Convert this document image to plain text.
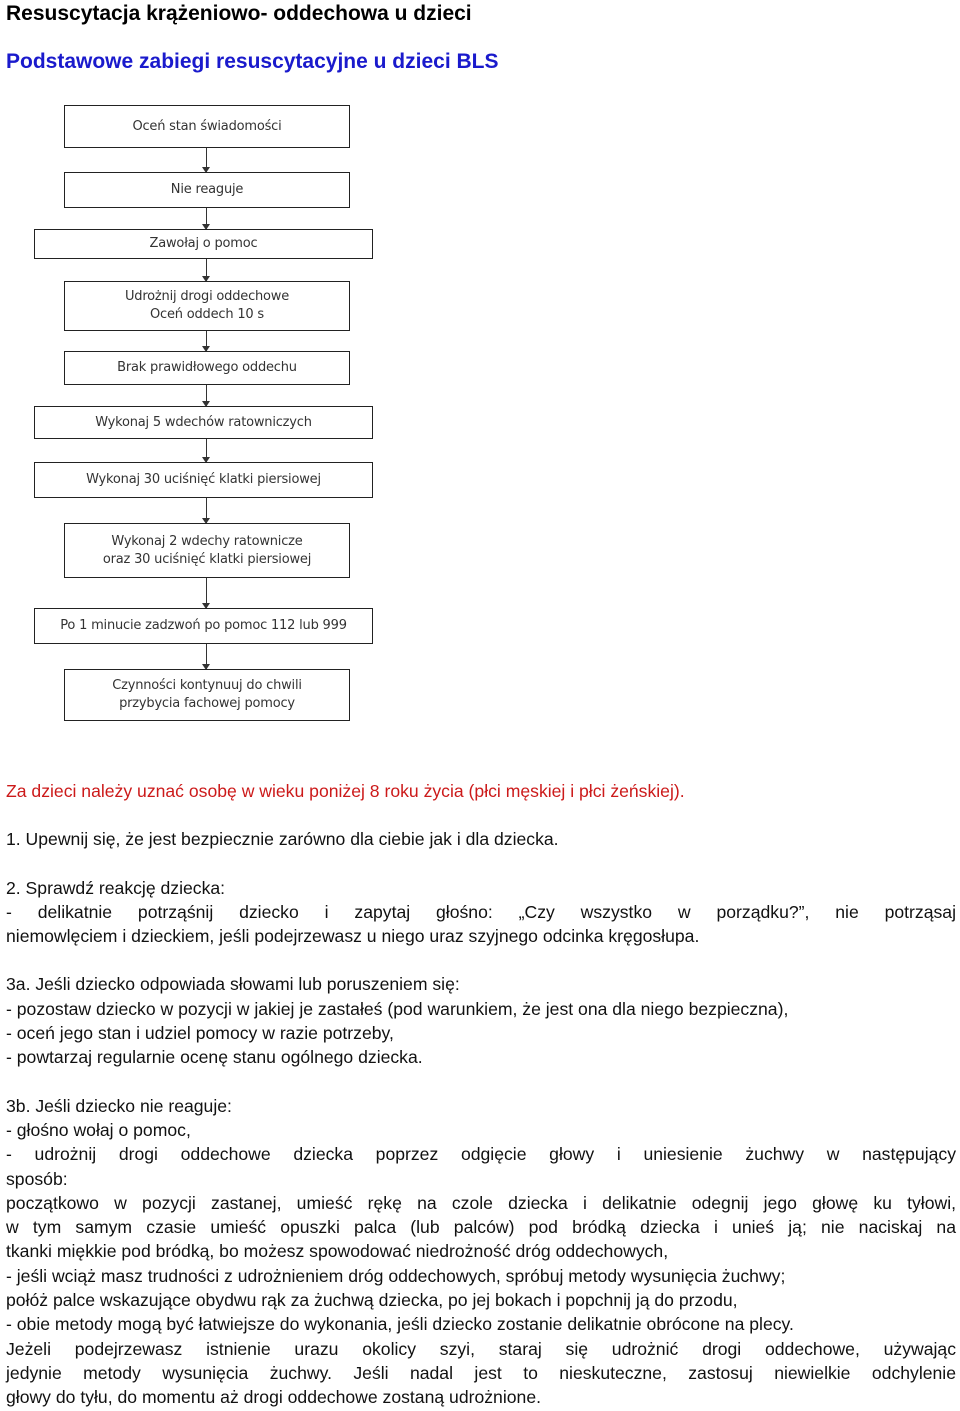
Resuscytacja krążeniowo- oddechowa u dzieci
Podstawowe zabiegi resuscytacyjne u dzieci BLS
Oceń stan świadomości
Nie reaguje
Zawołaj o pomoc
Udrożnij drogi oddechowe
Oceń oddech 10 s
Brak prawidłowego oddechu
Wykonaj 5 wdechów ratowniczych
Wykonaj 30 uciśnięć klatki piersiowej
Wykonaj 2 wdechy ratownicze
oraz 30 uciśnięć klatki piersiowej
Po 1 minucie zadzwoń po pomoc 112 lub 999
Czynności kontynuuj do chwili
przybycia fachowej pomocy

Za dzieci należy uznać osobę w wieku poniżej 8 roku życia (płci męskiej i płci żeńskiej).

1. Upewnij się, że jest bezpiecznie zarówno dla ciebie jak i dla dziecka.

2. Sprawdź reakcję dziecka:

- delikatnie potrząśnij dziecko i zapytaj głośno: „Czy wszystko w porządku?”, nie potrząsaj

niemowlęciem i dzieckiem, jeśli podejrzewasz u niego uraz szyjnego odcinka kręgosłupa.

3a. Jeśli dziecko odpowiada słowami lub poruszeniem się:

- pozostaw dziecko w pozycji w jakiej je zastałeś (pod warunkiem, że jest ona dla niego bezpieczna),

- oceń jego stan i udziel pomocy w razie potrzeby,

- powtarzaj regularnie ocenę stanu ogólnego dziecka.

3b. Jeśli dziecko nie reaguje:

- głośno wołaj o pomoc,

- udrożnij drogi oddechowe dziecka poprzez odgięcie głowy i uniesienie żuchwy w następujący

sposób:

początkowo w pozycji zastanej, umieść rękę na czole dziecka i delikatnie odegnij jego głowę ku tyłowi,

w tym samym czasie umieść opuszki palca (lub palców) pod bródką dziecka i unieś ją; nie naciskaj na

tkanki miękkie pod bródką, bo możesz spowodować niedrożność dróg oddechowych,

- jeśli wciąż masz trudności z udrożnieniem dróg oddechowych, spróbuj metody wysunięcia żuchwy;

połóż palce wskazujące obydwu rąk za żuchwą dziecka, po jej bokach i popchnij ją do przodu,

- obie metody mogą być łatwiejsze do wykonania, jeśli dziecko zostanie delikatnie obrócone na plecy.

Jeżeli podejrzewasz istnienie urazu okolicy szyi, staraj się udrożnić drogi oddechowe, używając

jedynie metody wysunięcia żuchwy. Jeśli nadal jest to nieskuteczne, zastosuj niewielkie odchylenie

głowy do tyłu, do momentu aż drogi oddechowe zostaną udrożnione.
